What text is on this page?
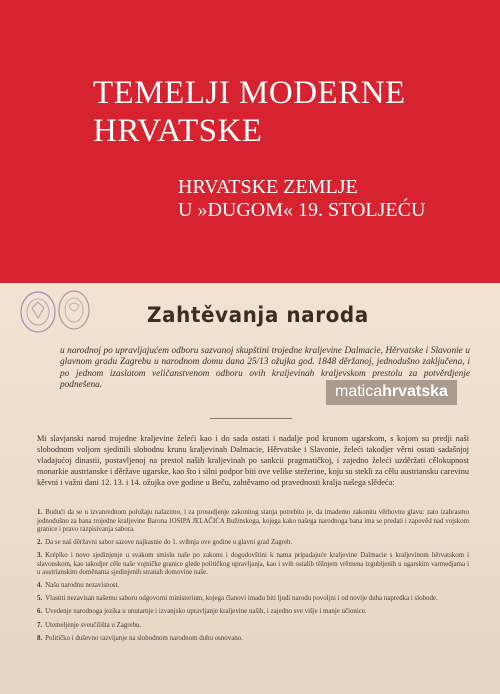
TEMELJI MODERNE
HRVATSKE
HRVATSKE ZEMLJE
U »DUGOM« 19. STOLJEĆU
Zahtěvanja naroda
u narodnoj po upravljajućem odboru sazvanoj skupštini trojedne kraljevine Dalmacie, Hěrvatske i Slavonie u glavnom gradu Zagrebu u narodnom domu dana 25/13 ožujka god. 1848 děržanoj, jednodušno zaključena, i po jednom izaslatom veličanstvenom odboru ovih kraljevinah kraljevskom prestolu za potvěrdjenje podnešena.
Mi slavjanski narod trojedne kraljevine želeći kao i do sada ostati i nadalje pod krunom ugarskom, s kojom su predji naši slobodnom voljom sjedinili slobodnu krunu kraljevinah Dalmacie, Hěrvatske i Slavonie, želeći takodjer věrni ostati sadašnjoj vladajućoj dinastii, postavljenoj na prestol naših kraljevinah po sankcii pragmatičkoj, i zajedno želeći uzděržati cělokupnost monarkie austrianske i děržave ugarske, kao što i silni podpor biti ove velike stežerine, koju su stekli za cělu austriansku carevinu kěrvni i važni dani 12. 13. i 14. ožujka ove godine u Beču, zahtěvamo od pravednosti kralja našega slědeća:
1. Budući da se u izvanrednom položaju nalazimo, i za prosudjenje zakonitog stanja potrebito je, da imademo zakonitu věrhovnu glavu: zato izabrasmo jednodušno za bana trojedne kraljevine Barona JOSIPA JELAČIĆA Bužinskoga, kojega kako našega narodnoga bana ima se predati i zapověd nad vojskom granice i pravo razpisivanja sabora.
2. Da se naš děržavni sabor sazove najkasnie do 1. svibnja ove godine u glavni grad Zagreb.
3. Kréplko i novo sjedinjenje u svakom smislu naše po zakonu i dogodovštini k nama pripadajuće kraljevine Dalmacie s kraljevinom hěrvatskom i slavonskom, kao takodjer cěle naše vojničke granice glede političkog upravljanja, kao i svih ostalih těžnjem vrěmena izgubljenih u ugarskim varmedjama i u austrianskim doměnama sjedinjenih stranah domovine naše.
4. Našu narodnu nezavisnost.
5. Vlastiti nezavisan našemu saboru odgovorni ministerium, kojega članovi imadu biti ljudi narodu povoljni i od novije duha napredka i slobode.
6. Uvedenje narodnoga jezika u unutarnje i izvanjsko upravljanje kraljevine naših, i zajedno sve višje i manje učionice.
7. Utemeljenje sveučilišta u Zagrebu.
8. Političko i duševno razvijanje na slobodnom narodnom duhu osnovano.
maticahrvatska
